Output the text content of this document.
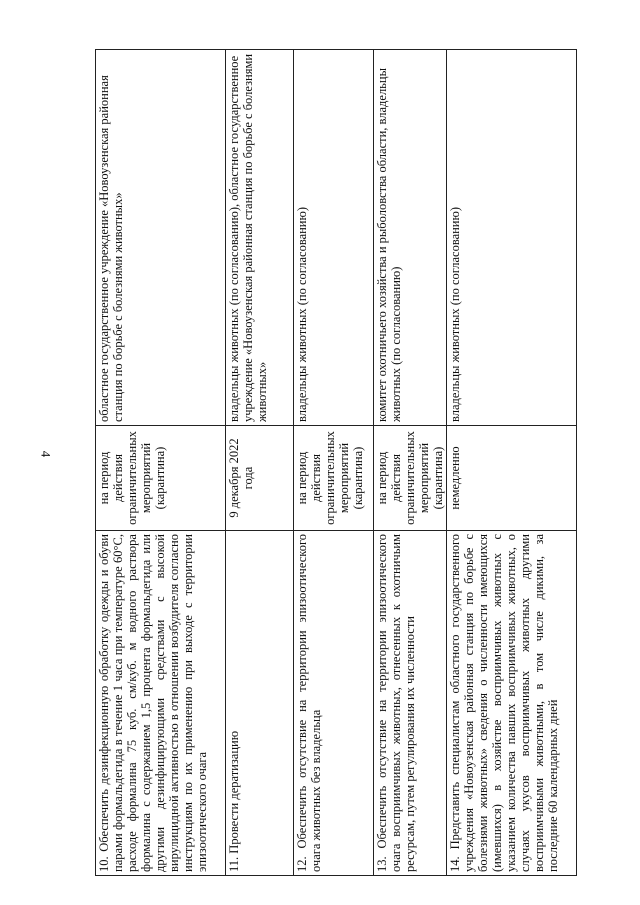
4
10. Обеспечить дезинфекционную обработку одежды и обуви парами формальдегида в течение 1 часа при температуре 60°С, расходе формалина 75 куб. см/куб. м водного раствора формалина с содержанием 1,5 процента формальдегида или другими дезинфицирующими средствами с высокой вирулицидной активностью в отношении возбудителя согласно инструкциям по их применению при выходе с территории эпизоотического очага	на период действия ограничительных мероприятий (карантина)	областное государственное учреждение «Новоузенская районная станция по борьбе с болезнями животных»
11. Провести дератизацию	9 декабря 2022 года	владельцы животных (по согласованию), областное государственное учреждение «Новоузенская районная станция по борьбе с болезнями животных»
12. Обеспечить отсутствие на территории эпизоотического очага животных без владельца	на период действия ограничительных мероприятий (карантина)	владельцы животных (по согласованию)
13. Обеспечить отсутствие на территории эпизоотического очага восприимчивых животных, отнесенных к охотничьим ресурсам, путем регулирования их численности	на период действия ограничительных мероприятий (карантина)	комитет охотничьего хозяйства и рыболовства области, владельцы животных (по согласованию)
14. Представить специалистам областного государственного учреждения «Новоузенская районная станция по борьбе с болезнями животных» сведения о численности имеющихся (имевшихся) в хозяйстве восприимчивых животных с указанием количества павших восприимчивых животных, о случаях укусов восприимчивых животных другими восприимчивыми животными, в том числе дикими, за последние 60 календарных дней	немедленно	владельцы животных (по согласованию)
